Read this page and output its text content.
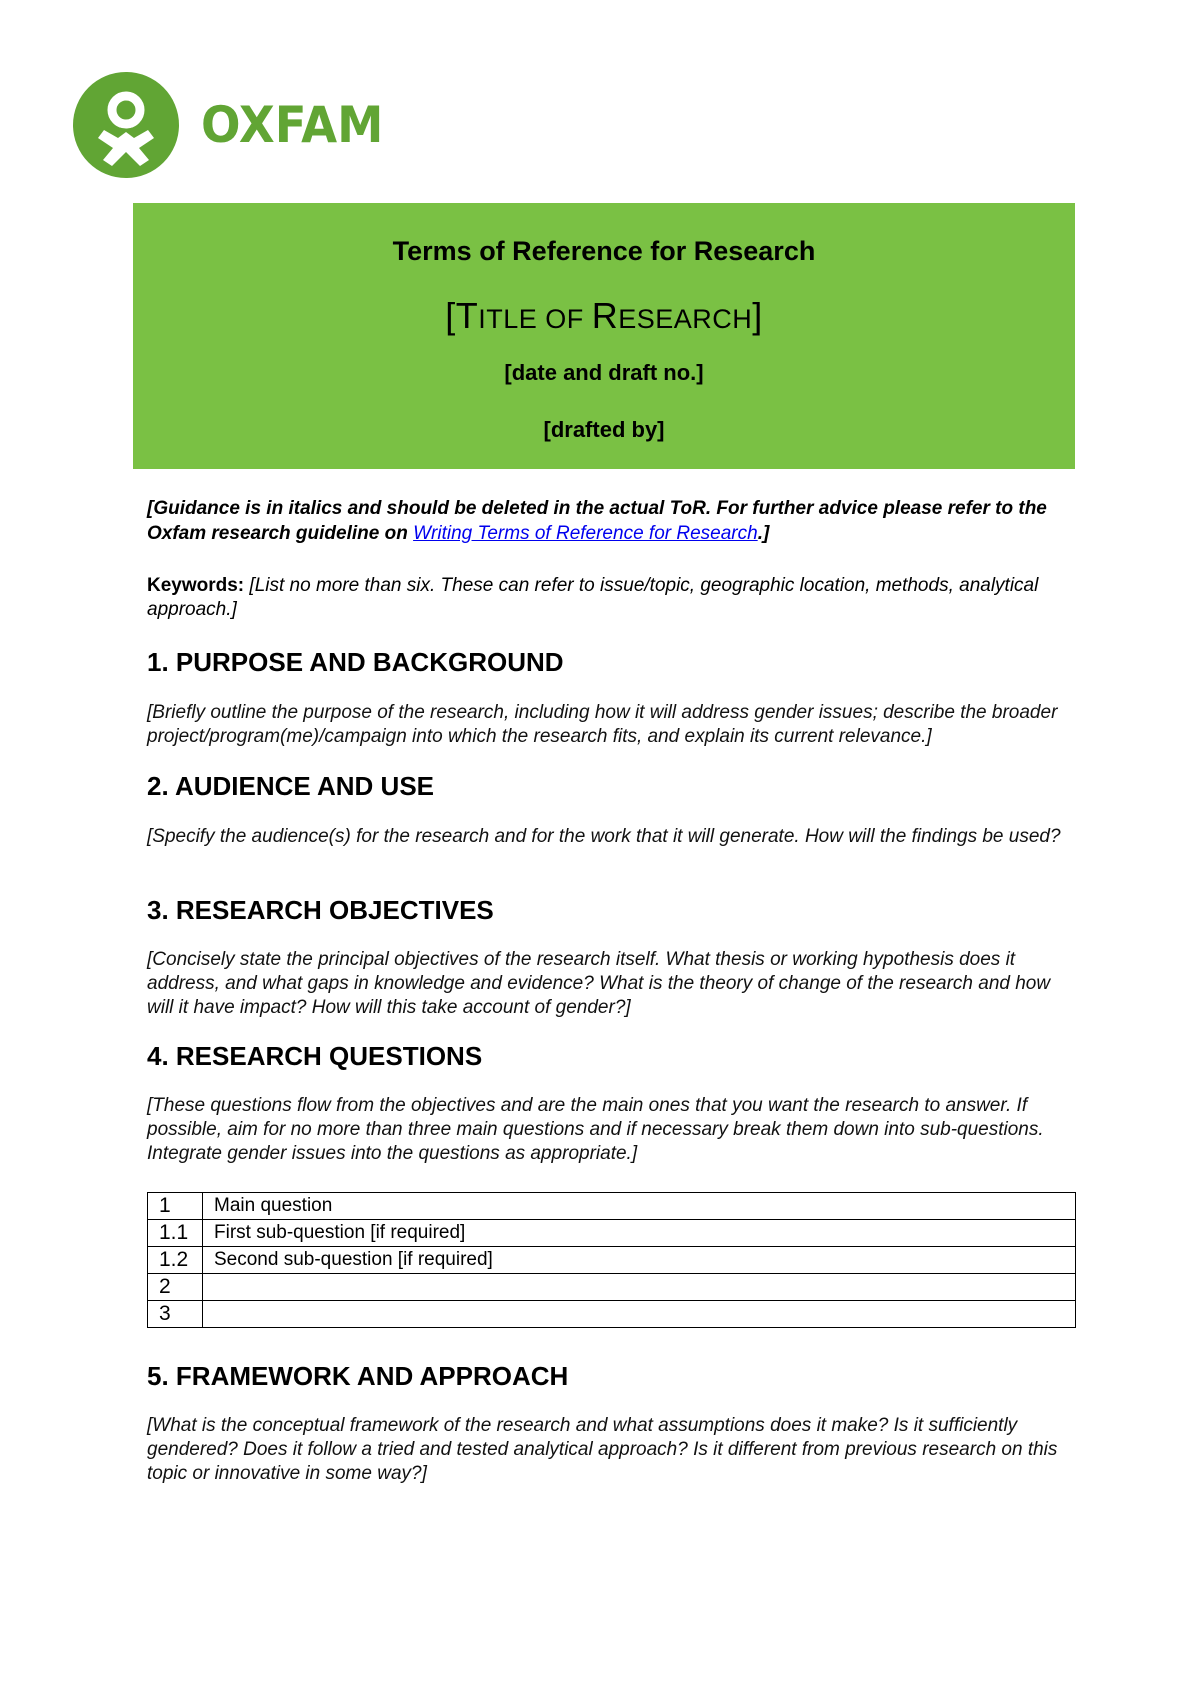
OXFAM
Terms of Reference for Research
[TITLE OF RESEARCH]
[date and draft no.]
[drafted by]

[Guidance is in italics and should be deleted in the actual ToR. For further advice please refer to the Oxfam research guideline on Writing Terms of Reference for Research.]

Keywords: [List no more than six. These can refer to issue/topic, geographic location, methods, analytical approach.]

1. PURPOSE AND BACKGROUND

[Briefly outline the purpose of the research, including how it will address gender issues; describe the broader project/program(me)/campaign into which the research fits, and explain its current relevance.]

2. AUDIENCE AND USE

[Specify the audience(s) for the research and for the work that it will generate. How will the findings be used?

3. RESEARCH OBJECTIVES

[Concisely state the principal objectives of the research itself. What thesis or working hypothesis does it address, and what gaps in knowledge and evidence? What is the theory of change of the research and how will it have impact? How will this take account of gender?]

4. RESEARCH QUESTIONS

[These questions flow from the objectives and are the main ones that you want the research to answer. If possible, aim for no more than three main questions and if necessary break them down into sub-questions. Integrate gender issues into the questions as appropriate.]

1	Main question
1.1	First sub-question [if required]
1.2	Second sub-question [if required]
2	
3	
5. FRAMEWORK AND APPROACH

[What is the conceptual framework of the research and what assumptions does it make? Is it sufficiently gendered? Does it follow a tried and tested analytical approach? Is it different from previous research on this topic or innovative in some way?]
